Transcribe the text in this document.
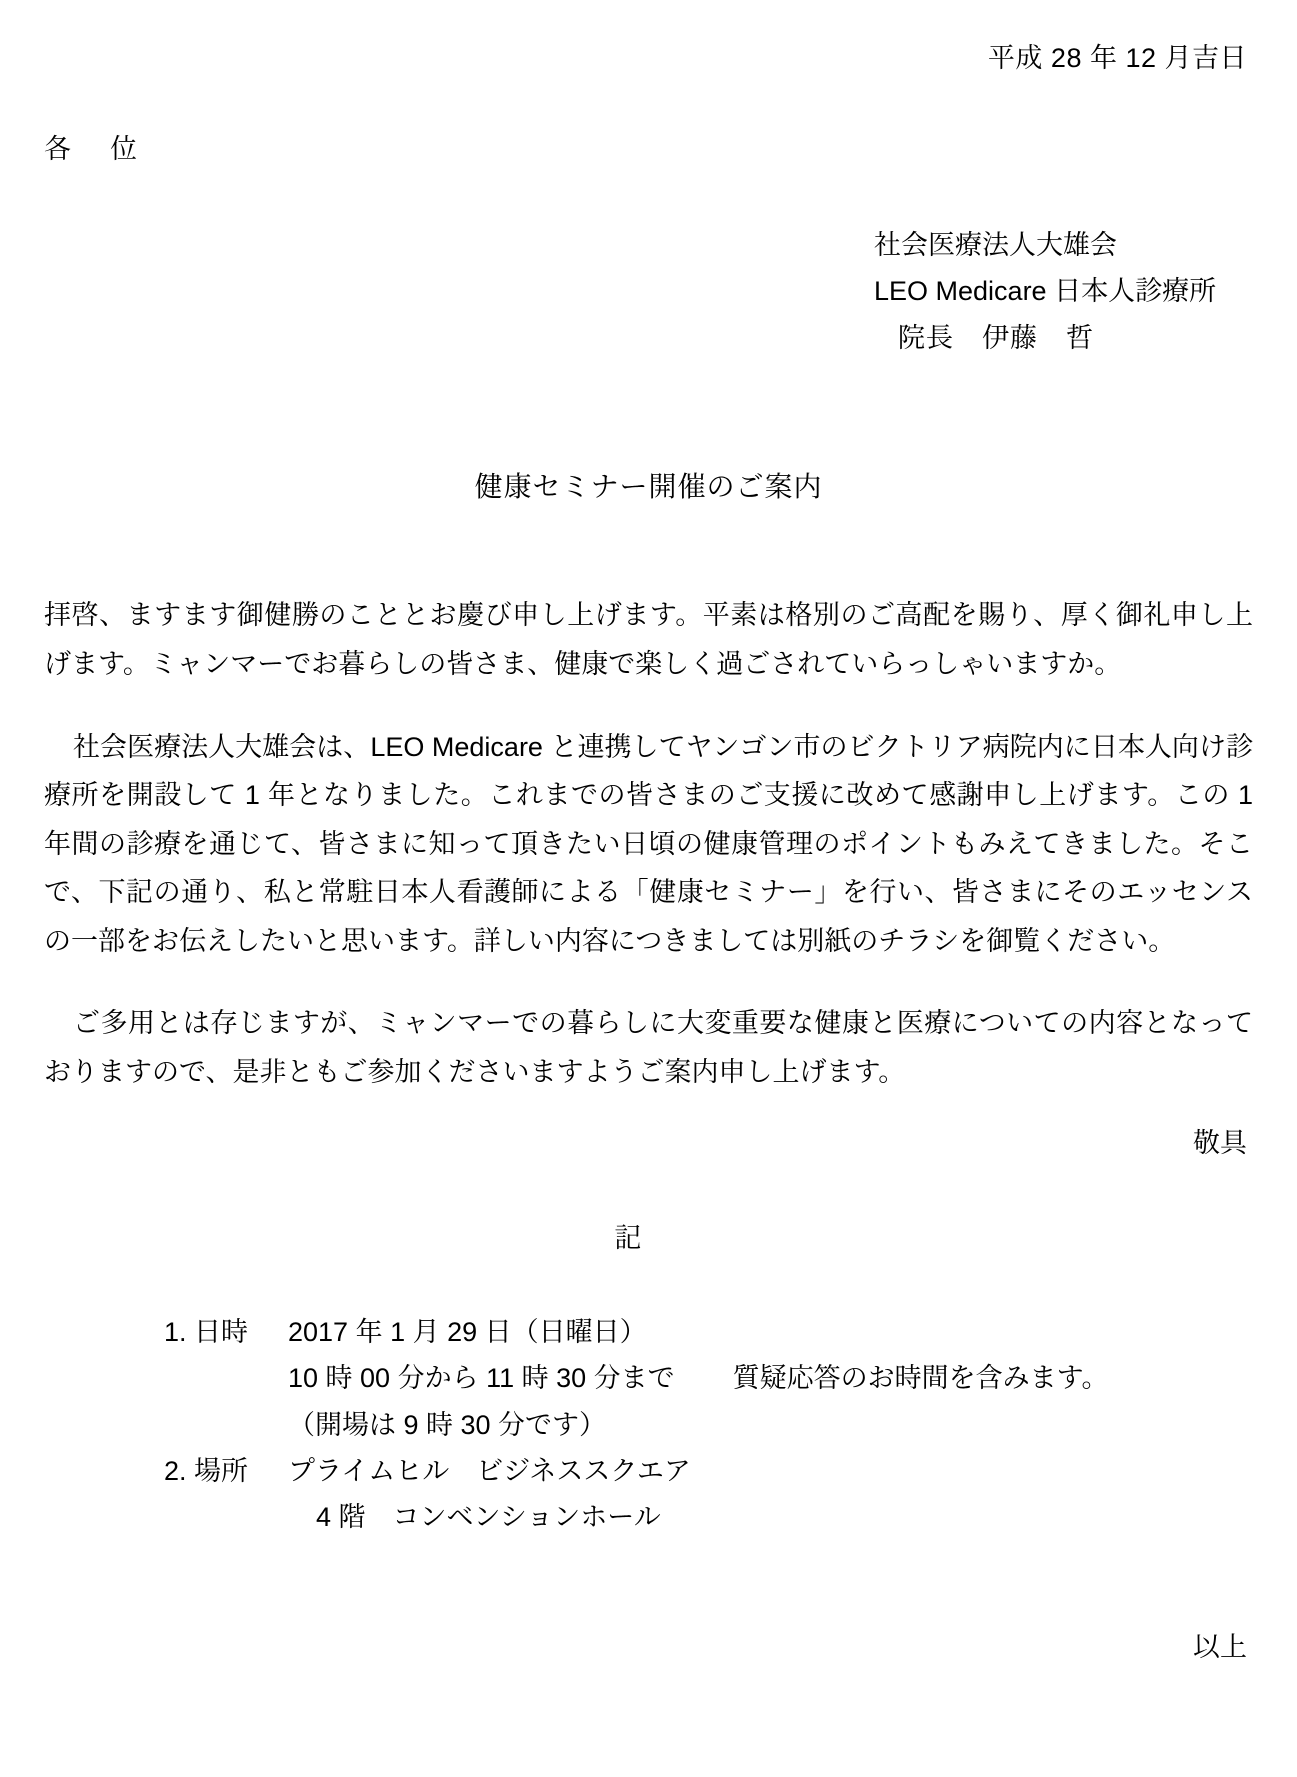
平成 28 年 12 月吉日
各　位
社会医療法人大雄会
LEO Medicare 日本人診療所
院長　伊藤　哲
健康セミナー開催のご案内

拝啓、ますます御健勝のこととお慶び申し上げます。平素は格別のご高配を賜り、厚く御礼申し上げます。ミャンマーでお暮らしの皆さま、健康で楽しく過ごされていらっしゃいますか。

社会医療法人大雄会は、LEO Medicare と連携してヤンゴン市のビクトリア病院内に日本人向け診療所を開設して 1 年となりました。これまでの皆さまのご支援に改めて感謝申し上げます。この 1 年間の診療を通じて、皆さまに知って頂きたい日頃の健康管理のポイントもみえてきました。そこで、下記の通り、私と常駐日本人看護師による「健康セミナー」を行い、皆さまにそのエッセンスの一部をお伝えしたいと思います。詳しい内容につきましては別紙のチラシを御覧ください。

ご多用とは存じますが、ミャンマーでの暮らしに大変重要な健康と医療についての内容となっておりますので、是非ともご参加くださいますようご案内申し上げます。

敬具
記
1. 日時	2017 年 1 月 29 日（日曜日）
10 時 00 分から 11 時 30 分まで 質疑応答のお時間を含みます。
（開場は 9 時 30 分です）
2. 場所	プライムヒル　ビジネススクエア
4 階　コンベンションホール
以上
